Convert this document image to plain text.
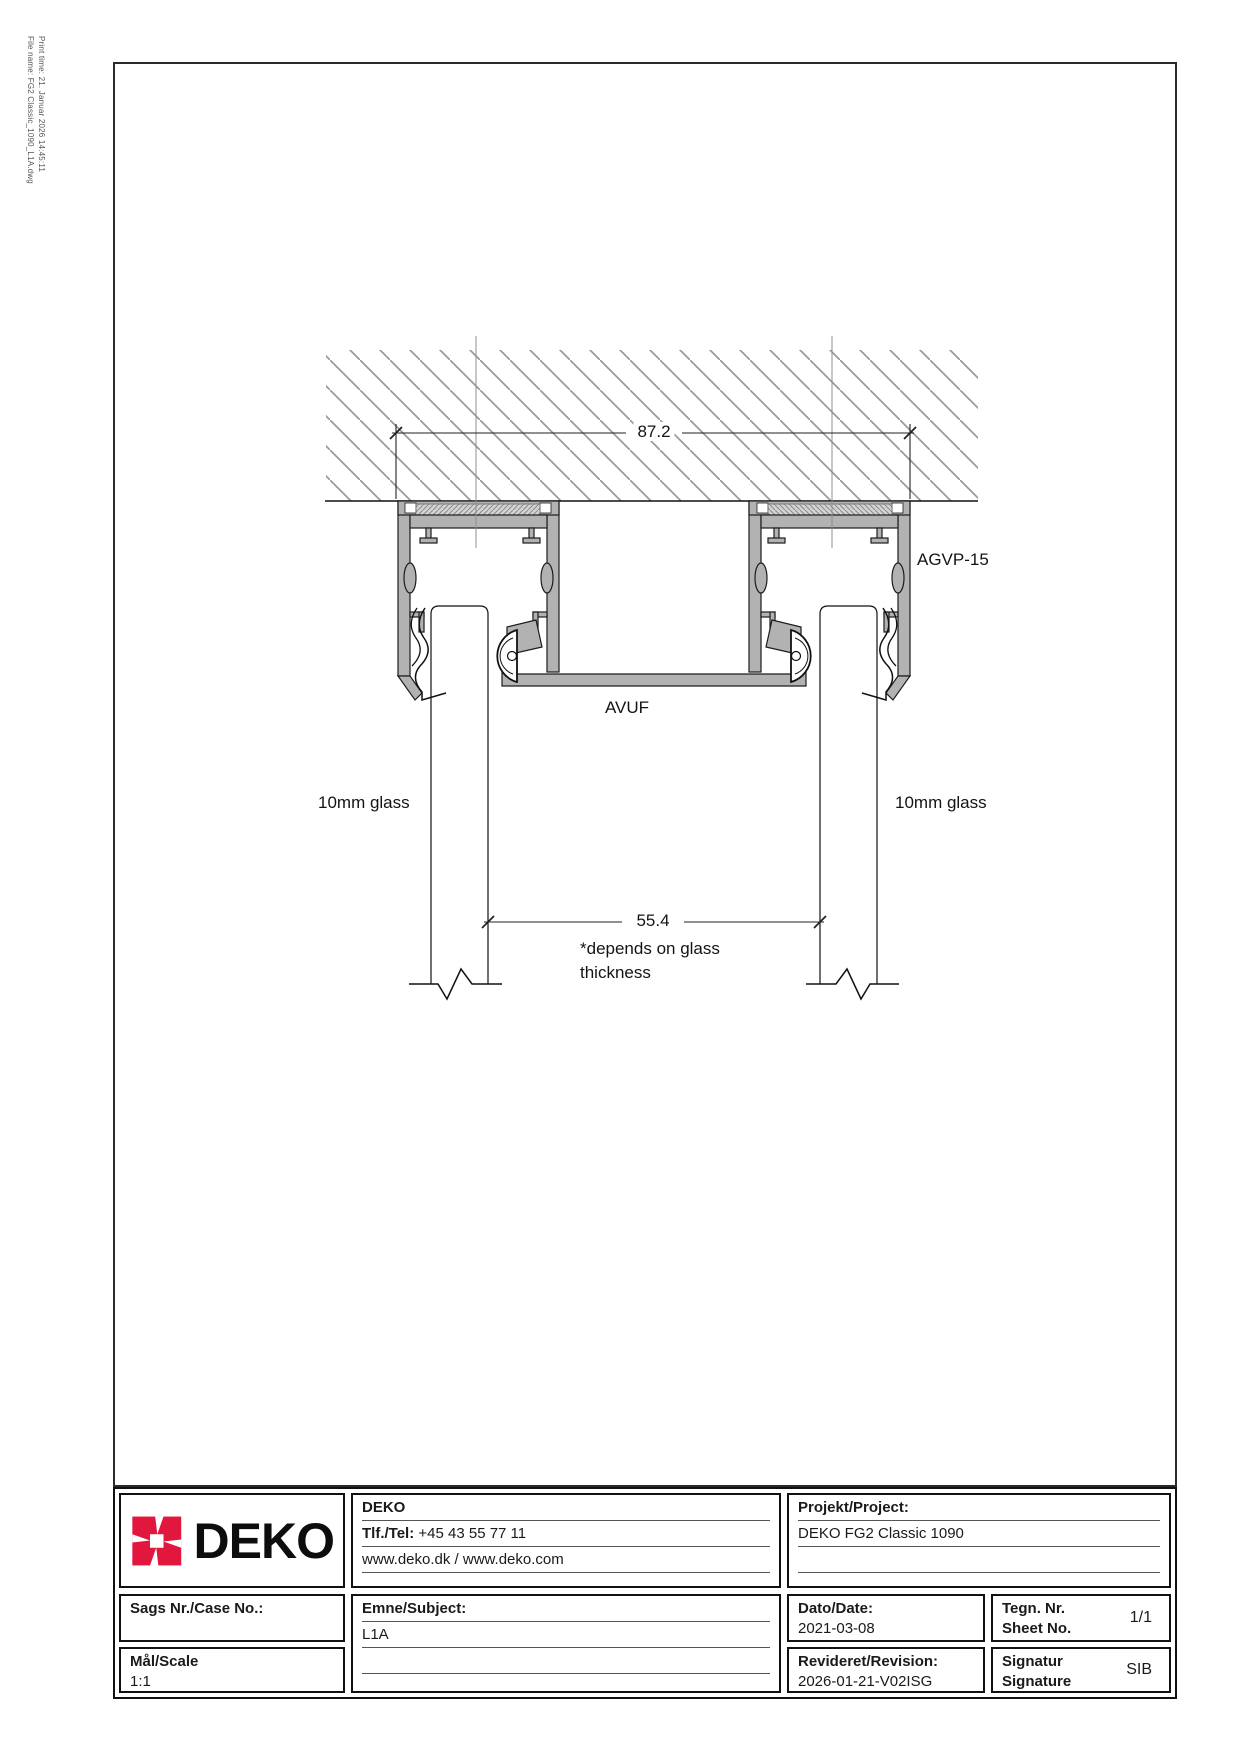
Print time: 21. Januar 2026 14:45:11
File name: FG2 Classic_1090_L1A.dwg
87.2
AGVP-15
AVUF
10mm glass	10mm glass
55.4
*depends on glass
thickness
DEKO
DEKO
Tlf./Tel: +45 43 55 77 11
www.deko.dk / www.deko.com
Projekt/Project:
DEKO FG2 Classic 1090

Sags Nr./Case No.:	Emne/Subject:
L1A

Dato/Date:
2021-03-08
Tegn. Nr.
Sheet No.
1/1
Mål/Scale
1:1
Revideret/Revision:
2026-01-21-V02ISG
Signatur
Signature
SIB
